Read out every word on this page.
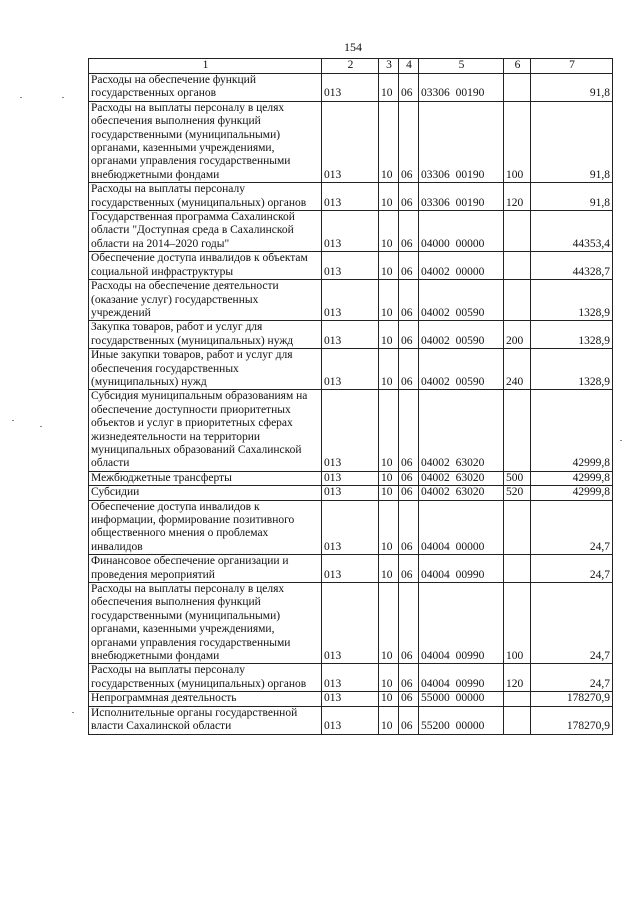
154
1	2	3	4	5	6	7
Расходы на обеспечение функций государственных органов	013	10	06	03306 00190		91,8
Расходы на выплаты персоналу в целях обеспечения выполнения функций государственными (муниципальными) органами, казенными учреждениями, органами управления государственными внебюджетными фондами	013	10	06	03306 00190	100	91,8
Расходы на выплаты персоналу государственных (муниципальных) органов	013	10	06	03306 00190	120	91,8
Государственная программа Сахалинской области "Доступная среда в Сахалинской области на 2014–2020 годы"	013	10	06	04000 00000		44353,4
Обеспечение доступа инвалидов к объектам социальной инфраструктуры	013	10	06	04002 00000		44328,7
Расходы на обеспечение деятельности (оказание услуг) государственных учреждений	013	10	06	04002 00590		1328,9
Закупка товаров, работ и услуг для государственных (муниципальных) нужд	013	10	06	04002 00590	200	1328,9
Иные закупки товаров, работ и услуг для обеспечения государственных (муниципальных) нужд	013	10	06	04002 00590	240	1328,9
Субсидия муниципальным образованиям на обеспечение доступности приоритетных объектов и услуг в приоритетных сферах жизнедеятельности на территории муниципальных образований Сахалинской области	013	10	06	04002 63020		42999,8
Межбюджетные трансферты	013	10	06	04002 63020	500	42999,8
Субсидии	013	10	06	04002 63020	520	42999,8
Обеспечение доступа инвалидов к информации, формирование позитивного общественного мнения о проблемах инвалидов	013	10	06	04004 00000		24,7
Финансовое обеспечение организации и проведения мероприятий	013	10	06	04004 00990		24,7
Расходы на выплаты персоналу в целях обеспечения выполнения функций государственными (муниципальными) органами, казенными учреждениями, органами управления государственными внебюджетными фондами	013	10	06	04004 00990	100	24,7
Расходы на выплаты персоналу государственных (муниципальных) органов	013	10	06	04004 00990	120	24,7
Непрограммная деятельность	013	10	06	55000 00000		178270,9
Исполнительные органы государственной власти Сахалинской области	013	10	06	55200 00000		178270,9
